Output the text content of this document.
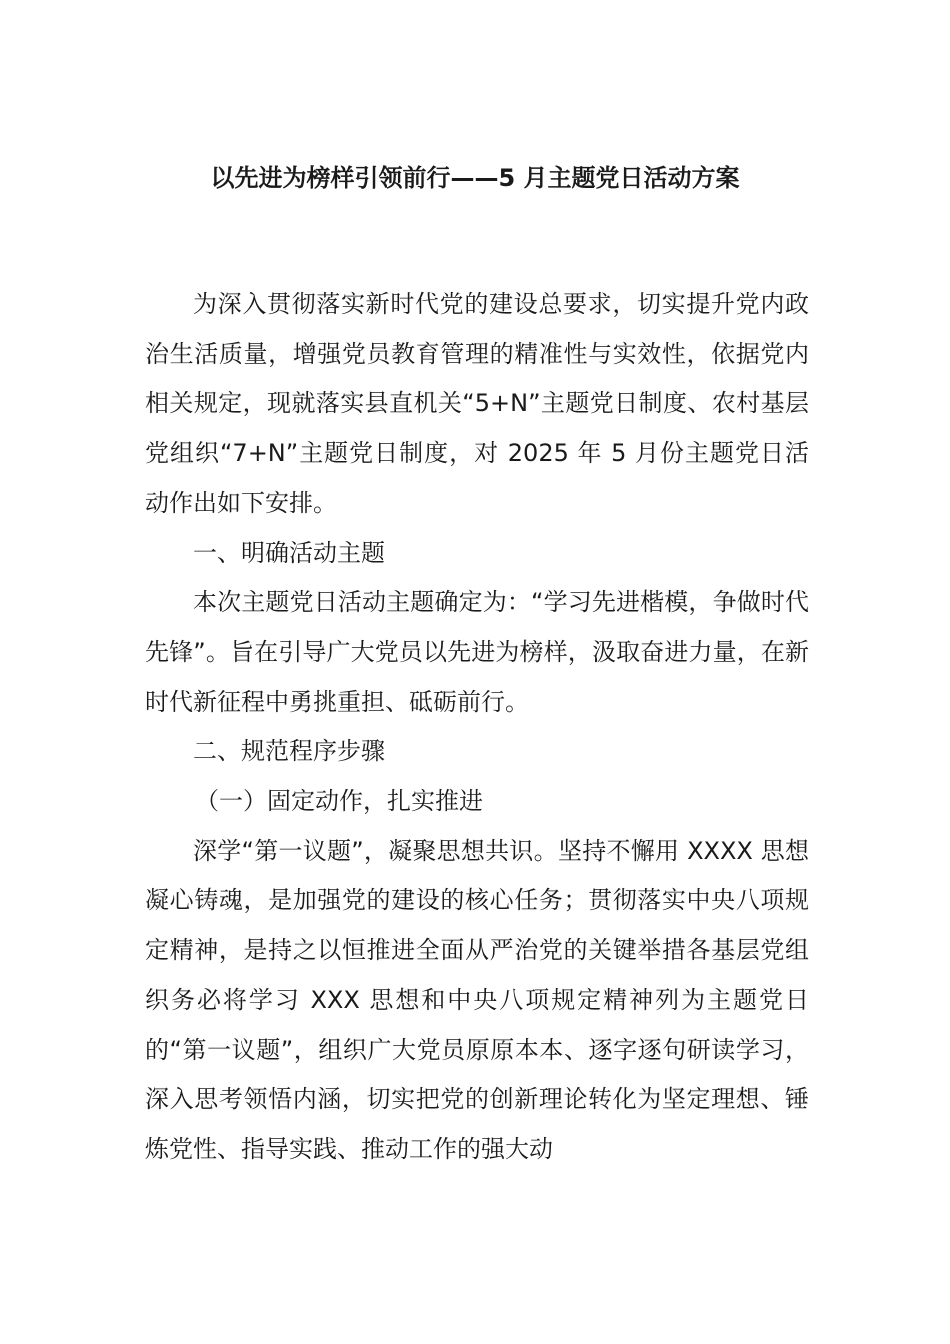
以先进为榜样引领前行——5 月主题党日活动方案

为深入贯彻落实新时代党的建设总要求，切实提升党内政治生活质量，增强党员教育管理的精准性与实效性，依据党内相关规定，现就落实县直机关“5+N”主题党日制度、农村基层党组织“7+N”主题党日制度，对 2025 年 5 月份主题党日活动作出如下安排。

一、明确活动主题

本次主题党日活动主题确定为：“学习先进楷模，争做时代先锋”。旨在引导广大党员以先进为榜样，汲取奋进力量，在新时代新征程中勇挑重担、砥砺前行。

二、规范程序步骤

（一）固定动作，扎实推进

深学“第一议题”，凝聚思想共识。坚持不懈用 XXXX 思想凝心铸魂，是加强党的建设的核心任务；贯彻落实中央八项规定精神，是持之以恒推进全面从严治党的关键举措各基层党组织务必将学习 XXX 思想和中央八项规定精神列为主题党日的“第一议题”，组织广大党员原原本本、逐字逐句研读学习，深入思考领悟内涵，切实把党的创新理论转化为坚定理想、锤炼党性、指导实践、推动工作的强大动
